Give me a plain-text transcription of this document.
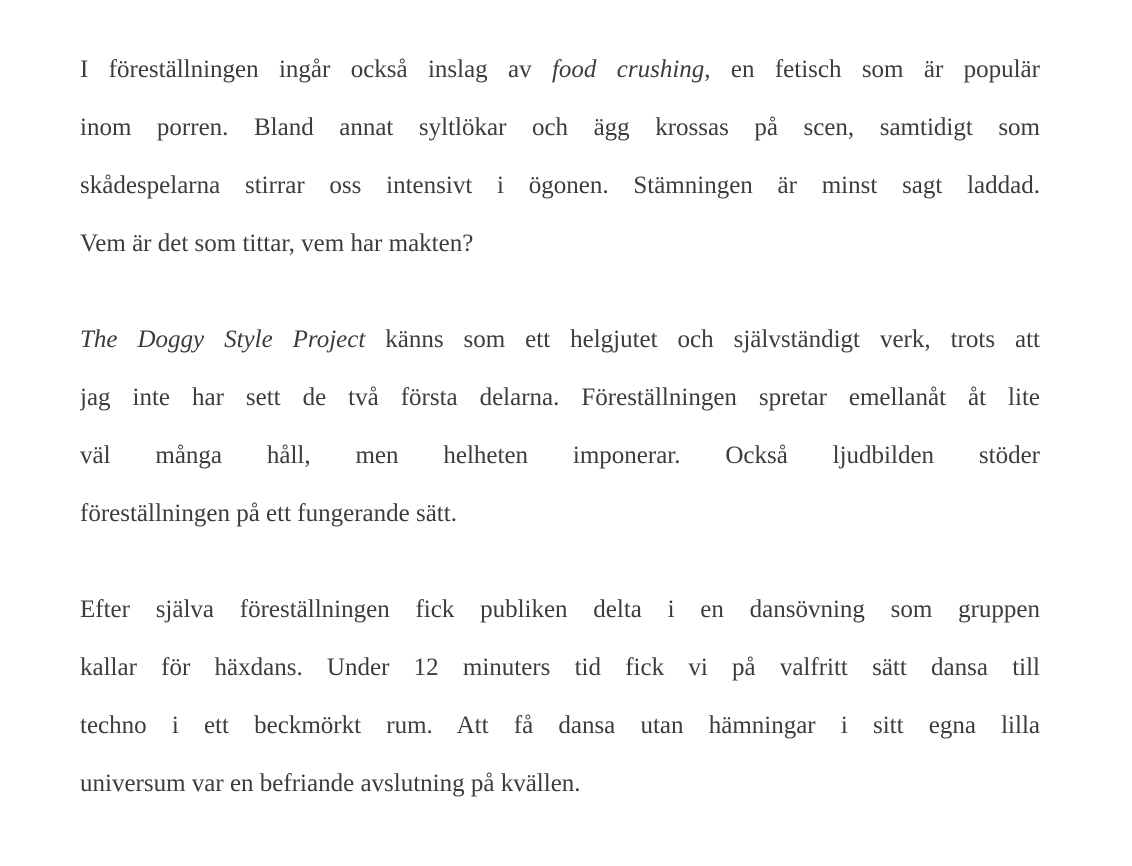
I föreställningen ingår också inslag av food crushing, en fetisch som är populär
inom porren. Bland annat syltlökar och ägg krossas på scen, samtidigt som
skådespelarna stirrar oss intensivt i ögonen. Stämningen är minst sagt laddad.
Vem är det som tittar, vem har makten?
The Doggy Style Project känns som ett helgjutet och självständigt verk, trots att
jag inte har sett de två första delarna. Föreställningen spretar emellanåt åt lite
väl många håll, men helheten imponerar. Också ljudbilden stöder
föreställningen på ett fungerande sätt.
Efter själva föreställningen fick publiken delta i en dansövning som gruppen
kallar för häxdans. Under 12 minuters tid fick vi på valfritt sätt dansa till
techno i ett beckmörkt rum. Att få dansa utan hämningar i sitt egna lilla
universum var en befriande avslutning på kvällen.
